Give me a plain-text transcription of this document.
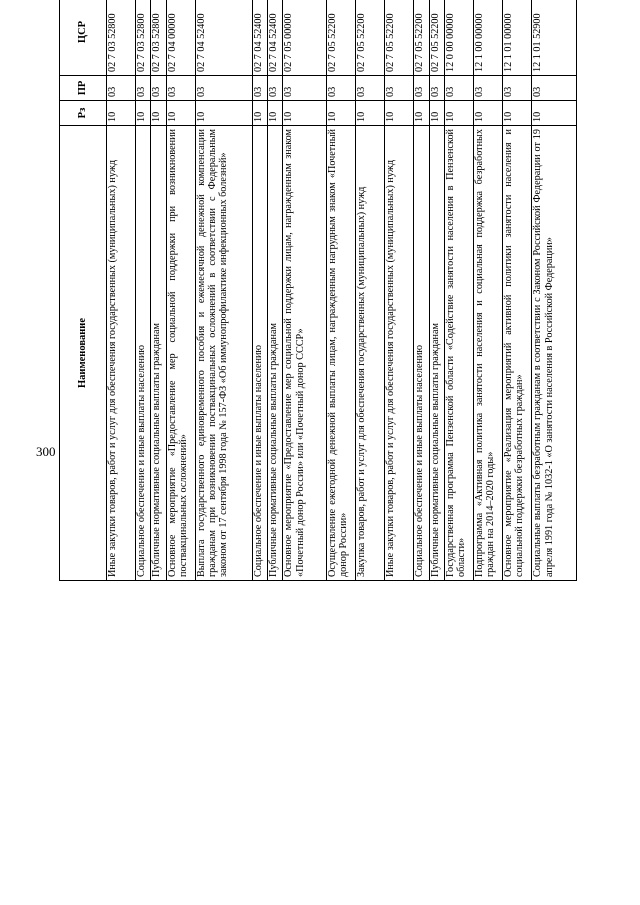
300
Наименование	Рз	ПР	ЦСР			
Иные закупки товаров, работ и услуг для обеспечения государственных (муниципальных) нужд	10	03	02 7 03 52800			
Социальное обеспечение и иные выплаты населению	10	03	02 7 03 52800			
Публичные нормативные социальные выплаты гражданам	10	03	02 7 03 52800			
Основное мероприятие «Предоставление мер социальной поддержки при возникновении поствакцинальных осложнений»	10	03	02 7 04 00000			
Выплата государственного единовременного пособия и ежемесячной денежной компенсации гражданам при возникновении поствакцинальных осложнений в соответствии с Федеральным законом от 17 сентября 1998 года № 157-ФЗ «Об иммунопрофилактике инфекционных болезней»	10	03	02 7 04 52400			
Социальное обеспечение и иные выплаты населению	10	03	02 7 04 52400			
Публичные нормативные социальные выплаты гражданам	10	03	02 7 04 52400			
Основное мероприятие «Предоставление мер социальной поддержки лицам, награжденным знаком «Почетный донор России» или «Почетный донор СССР»	10	03	02 7 05 00000			
Осуществление ежегодной денежной выплаты лицам, награжденным нагрудным знаком «Почетный донор России»	10	03	02 7 05 52200			
Закупка товаров, работ и услуг для обеспечения государственных (муниципальных) нужд	10	03	02 7 05 52200			
Иные закупки товаров, работ и услуг для обеспечения государственных (муниципальных) нужд	10	03	02 7 05 52200			
Социальное обеспечение и иные выплаты населению	10	03	02 7 05 52200			
Публичные нормативные социальные выплаты гражданам	10	03	02 7 05 52200			
Государственная программа Пензенской области «Содействие занятости населения в Пензенской области»	10	03	12 0 00 00000			
Подпрограмма «Активная политика занятости населения и социальная поддержка безработных граждан на 2014–2020 годы»	10	03	12 1 00 00000			
Основное мероприятие «Реализация мероприятий активной политики занятости населения и социальной поддержки безработных граждан»	10	03	12 1 01 00000			
Социальные выплаты безработным гражданам в соответствии с Законом Российской Федерации от 19 апреля 1991 года № 1032-1 «О занятости населения в Российской Федерации»	10	03	12 1 01 52900			
